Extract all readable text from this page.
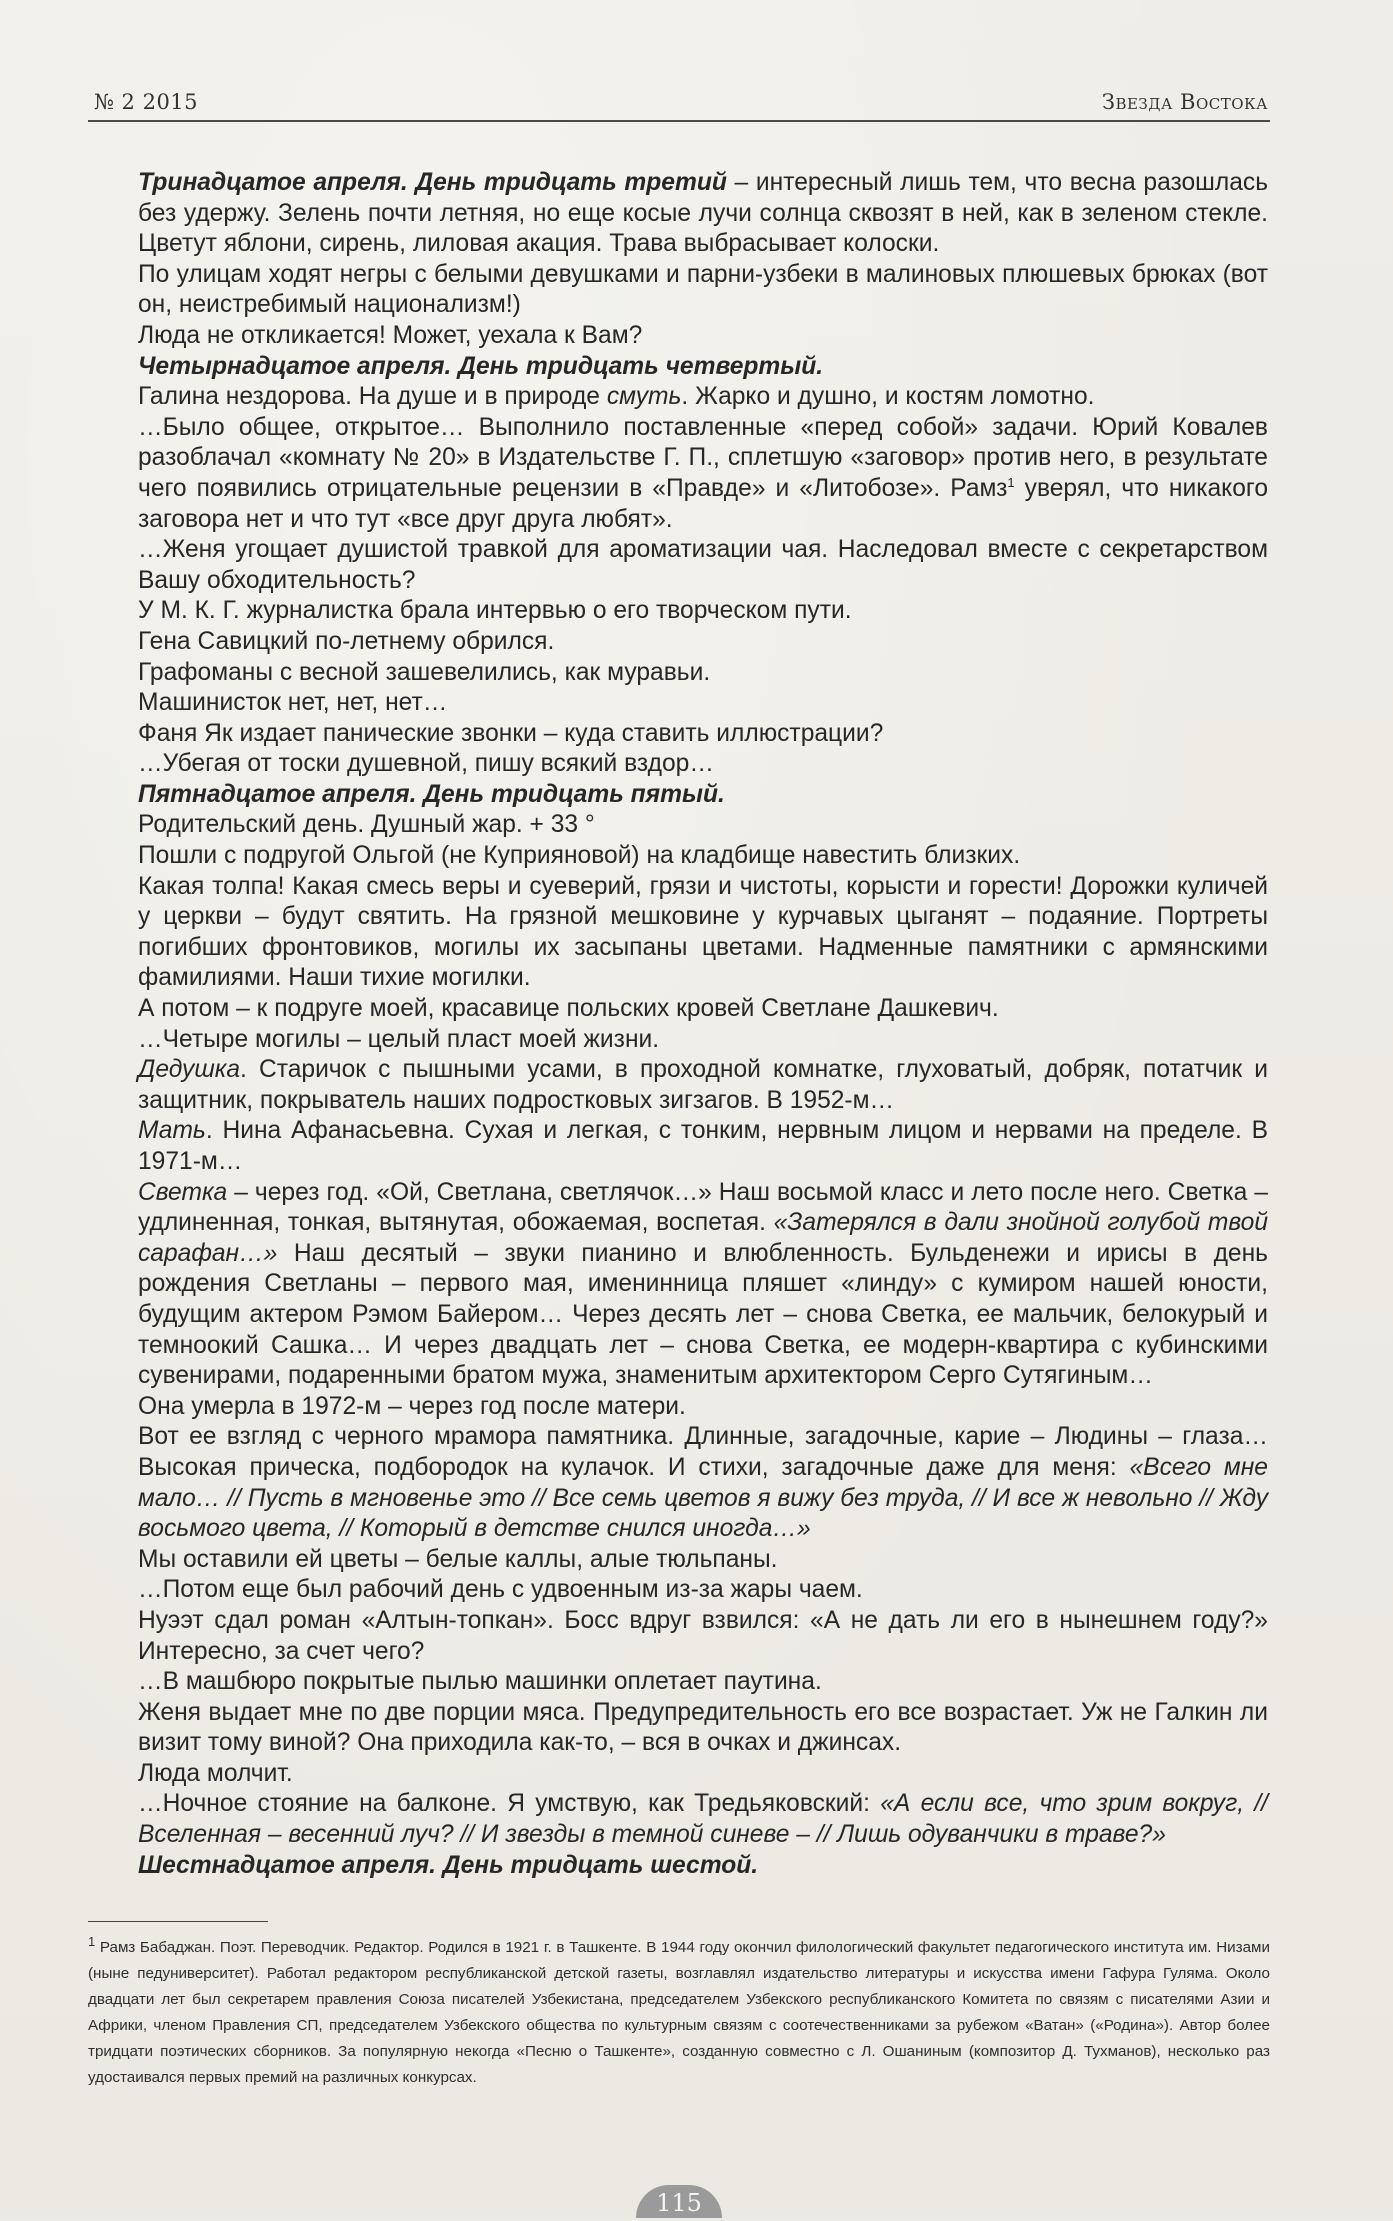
№ 2 2015	Звезда Востока

Тринадцатое апреля. День тридцать третий – интересный лишь тем, что весна разошлась без удержу. Зелень почти летняя, но еще косые лучи солнца сквозят в ней, как в зеленом стекле. Цветут яблони, сирень, лиловая акация. Трава выбрасывает колоски.

По улицам ходят негры с белыми девушками и парни-узбеки в малиновых плюшевых брюках (вот он, неистребимый национализм!)

Люда не откликается! Может, уехала к Вам?

Четырнадцатое апреля. День тридцать четвертый.

Галина нездорова. На душе и в природе смуть. Жарко и душно, и костям ломотно.

…Было общее, открытое… Выполнило поставленные «перед собой» задачи. Юрий Ковалев разоблачал «комнату № 20» в Издательстве Г. П., сплетшую «заговор» против него, в результате чего появились отрицательные рецензии в «Правде» и «Литобозе». Рамз$^1$ уверял, что никакого заговора нет и что тут «все друг друга любят».

…Женя угощает душистой травкой для ароматизации чая. Наследовал вместе с секретарством Вашу обходительность?

У М. К. Г. журналистка брала интервью о его творческом пути.

Гена Савицкий по-летнему обрился.

Графоманы с весной зашевелились, как муравьи.

Машинисток нет, нет, нет…

Фаня Як издает панические звонки – куда ставить иллюстрации?

…Убегая от тоски душевной, пишу всякий вздор…

Пятнадцатое апреля. День тридцать пятый.

Родительский день. Душный жар. + 33 °

Пошли с подругой Ольгой (не Куприяновой) на кладбище навестить близких.

Какая толпа! Какая смесь веры и суеверий, грязи и чистоты, корысти и горести! Дорожки куличей у церкви – будут святить. На грязной мешковине у курчавых цыганят – подаяние. Портреты погибших фронтовиков, могилы их засыпаны цветами. Надменные памятники с армянскими фамилиями. Наши тихие могилки.

А потом – к подруге моей, красавице польских кровей Светлане Дашкевич.

…Четыре могилы – целый пласт моей жизни.

Дедушка. Старичок с пышными усами, в проходной комнатке, глуховатый, добряк, потатчик и защитник, покрыватель наших подростковых зигзагов. В 1952-м…

Мать. Нина Афанасьевна. Сухая и легкая, с тонким, нервным лицом и нервами на пределе. В 1971-м…

Светка – через год. «Ой, Светлана, светлячок…» Наш восьмой класс и лето после него. Светка – удлиненная, тонкая, вытянутая, обожаемая, воспетая. «Затерялся в дали знойной голубой твой сарафан…» Наш десятый – звуки пианино и влюбленность. Бульденежи и ирисы в день рождения Светланы – первого мая, именинница пляшет «линду» с кумиром нашей юности, будущим актером Рэмом Байером… Через десять лет – снова Светка, ее мальчик, белокурый и темноокий Сашка… И через двадцать лет – снова Светка, ее модерн-квартира с кубинскими сувенирами, подаренными братом мужа, знаменитым архитектором Серго Сутягиным…

Она умерла в 1972-м – через год после матери.

Вот ее взгляд с черного мрамора памятника. Длинные, загадочные, карие – Людины – глаза… Высокая прическа, подбородок на кулачок. И стихи, загадочные даже для меня: «Всего мне мало… // Пусть в мгновенье это // Все семь цветов я вижу без труда, // И все ж невольно // Жду восьмого цвета, // Который в детстве снился иногда…»

Мы оставили ей цветы – белые каллы, алые тюльпаны.

…Потом еще был рабочий день с удвоенным из-за жары чаем.

Нуээт сдал роман «Алтын-топкан». Босс вдруг взвился: «А не дать ли его в нынешнем году?» Интересно, за счет чего?

…В машбюро покрытые пылью машинки оплетает паутина.

Женя выдает мне по две порции мяса. Предупредительность его все возрастает. Уж не Галкин ли визит тому виной? Она приходила как-то, – вся в очках и джинсах.

Люда молчит.

…Ночное стояние на балконе. Я умствую, как Тредьяковский: «А если все, что зрим вокруг, // Вселенная – весенний луч? // И звезды в темной синеве – // Лишь одуванчики в траве?»

Шестнадцатое апреля. День тридцать шестой.

$^1$ Рамз Бабаджан. Поэт. Переводчик. Редактор. Родился в 1921 г. в Ташкенте. В 1944 году окончил филологический факультет педагогического института им. Низами (ныне педуниверситет). Работал редактором республиканской детской газеты, возглавлял издательство литературы и искусства имени Гафура Гуляма. Около двадцати лет был секретарем правления Союза писателей Узбекистана, председателем Узбекского республиканского Комитета по связям с писателями Азии и Африки, членом Правления СП, председателем Узбекского общества по культурным связям с соотечественниками за рубежом «Ватан» («Родина»). Автор более тридцати поэтических сборников. За популярную некогда «Песню о Ташкенте», созданную совместно с Л. Ошаниным (композитор Д. Тухманов), несколько раз удостаивался первых премий на различных конкурсах.
115
